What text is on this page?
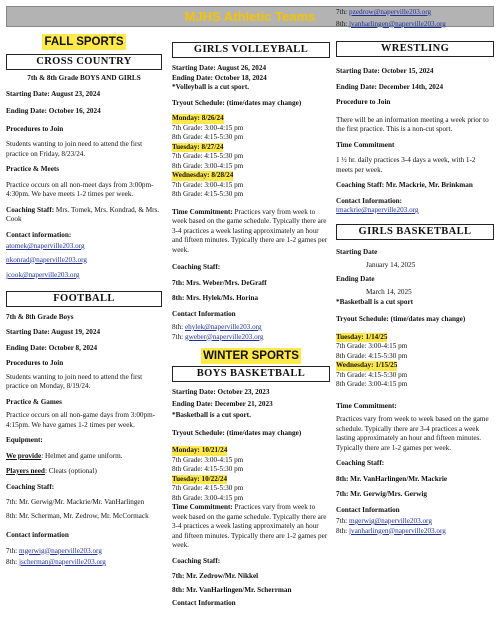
MJHS Athletic Teams
FALL SPORTS
CROSS COUNTRY

7th & 8th Grade BOYS AND GIRLS

Starting Date: August 23, 2024

Ending Date: October 16, 2024

Procedures to Join

Students wanting to join need to attend the first practice on Friday, 8/23/24.

Practice & Meets

Practice occurs on all non-meet days from 3:00pm-4:30pm. We have meets 1-2 times per week.

Coaching Staff: Mrs. Tomek, Mrs. Kondrad, & Mrs. Cook

Contact information:

atomek@naperville203.org
nkonrad@naperville203.org
jcook@naperville203.org
FOOTBALL

7th & 8th Grade Boys

Starting Date: August 19, 2024

Ending Date: October 8, 2024

Procedures to Join

Students wanting to join need to attend the first practice on Monday, 8/19/24.

Practice & Games

Practice occurs on all non-game days from 3:00pm-4:15pm. We have games 1-2 times per week.

Equipment:

We provide: Helmet and game uniform.

Players need: Cleats (optional)

Coaching Staff:

7th: Mr. Gerwig/Mr. Mackrie/Mr. VanHarlingen

8th: Mr. Scherman, Mr. Zedrow, Mr. McCormack

Contact information

7th: mgerwig@naperville203.org

8th: jscherman@naperville203.org

GIRLS VOLLEYBALL

Starting Date: August 26, 2024

Ending Date: October 18, 2024

*Volleyball is a cut sport.

Tryout Schedule: (time/dates may change)

Monday: 8/26/24

7th Grade: 3:00-4:15 pm

8th Grade: 4:15-5:30 pm

Tuesday: 8/27/24

7th Grade: 4:15-5:30 pm

8th Grade: 3:00-4:15 pm

Wednesday: 8/28/24

7th Grade: 3:00-4:15 pm

8th Grade: 4:15-5:30 pm

Time Commitment: Practices vary from week to week based on the game schedule. Typically there are 3-4 practices a week lasting approximately an hour and fifteen minutes. Typically there are 1-2 games per week.

Coaching Staff:

7th: Mrs. Weber/Mrs. DeGraff

8th: Mrs. Hylek/Ms. Horina

Contact Information

8th: ehylek@naperville203.org

7th: gweber@naperville203.org

WINTER SPORTS
BOYS BASKETBALL

Starting Date: October 23, 2023

Ending Date: December 21, 2023

*Basketball is a cut sport.

Tryout Schedule: (time/dates may change)

Monday: 10/21/24

7th Grade: 3:00-4:15 pm

8th Grade: 4:15-5:30 pm

Tuesday: 10/22/24

7th Grade: 4:15-5:30 pm

8th Grade: 3:00-4:15 pm

Time Commitment: Practices vary from week to week based on the game schedule. Typically there are 3-4 practices a week lasting approximately an hour and fifteen minutes. Typically there are 1-2 games per week.

Coaching Staff:

7th: Mr. Zedrow/Mr. Nikkel

8th: Mr. VanHarlingen/Mr. Scherrman

Contact Information

7th: pzedrow@naperville203.org

8th: jvanharlingen@naperville203.org

WRESTLING

Starting Date: October 15, 2024

Ending Date: December 14th, 2024

Procedure to Join

There will be an information meeting a week prior to the first practice. This is a non-cut sport.

Time Commitment

1 ½ hr. daily practices 3-4 days a week, with 1-2 meets per week.

Coaching Staff: Mr. Mackrie, Mr. Brinkman

Contact Information:

tmackrie@naperville203.org
GIRLS BASKETBALL

Starting Date

January 14, 2025

Ending Date

March 14, 2025

*Basketball is a cut sport

Tryout Schedule: (time/dates may change)

Tuesday: 1/14/25

7th Grade: 3:00-4:15 pm

8th Grade: 4:15-5:30 pm

Wednesday: 1/15/25

7th Grade: 4:15-5:30 pm

8th Grade: 3:00-4:15 pm

Time Commitment:

Practices vary from week to week based on the game schedule. Typically there are 3-4 practices a week lasting approximately an hour and fifteen minutes. Typically there are 1-2 games per week.

Coaching Staff:

8th: Mr. VanHarlingen/Mr. Mackrie

7th: Mr. Gerwig/Mrs. Gerwig

Contact Information

7th: mgerwig@naperville203.org

8th: jvanharlingen@naperville203.org
